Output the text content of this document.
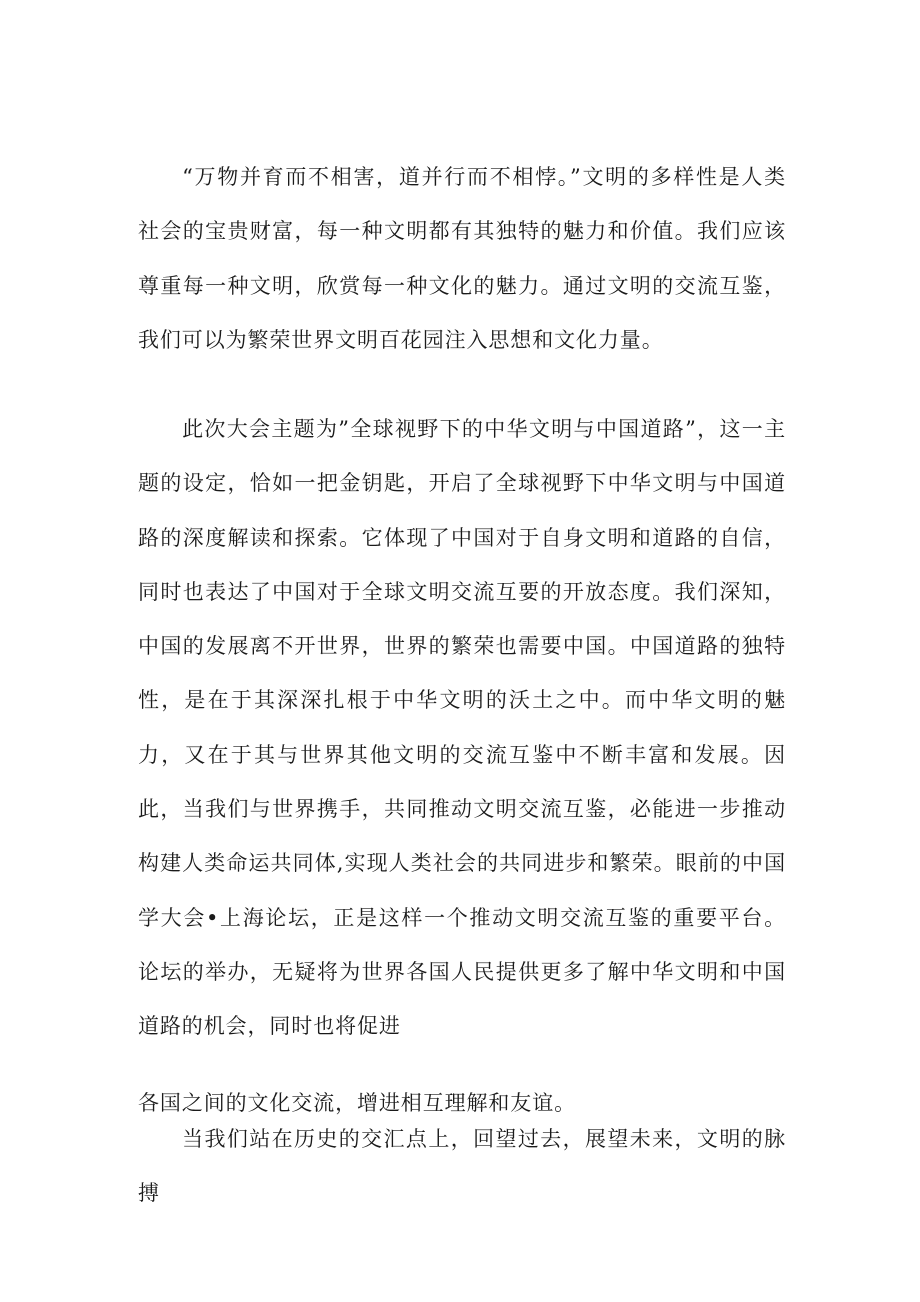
“万物并育而不相害，道并行而不相悖。”文明的多样性是人类社会的宝贵财富，每一种文明都有其独特的魅力和价值。我们应该尊重每一种文明，欣赏每一种文化的魅力。通过文明的交流互鉴，我们可以为繁荣世界文明百花园注入思想和文化力量。

此次大会主题为”全球视野下的中华文明与中国道路”，这一主题的设定，恰如一把金钥匙，开启了全球视野下中华文明与中国道路的深度解读和探索。它体现了中国对于自身文明和道路的自信，同时也表达了中国对于全球文明交流互要的开放态度。我们深知，中国的发展离不开世界，世界的繁荣也需要中国。中国道路的独特性，是在于其深深扎根于中华文明的沃土之中。而中华文明的魅力，又在于其与世界其他文明的交流互鉴中不断丰富和发展。因此，当我们与世界携手，共同推动文明交流互鉴，必能进一步推动构建人类命运共同体,实现人类社会的共同进步和繁荣。眼前的中国学大会•上海论坛，正是这样一个推动文明交流互鉴的重要平台。论坛的举办，无疑将为世界各国人民提供更多了解中华文明和中国道路的机会，同时也将促进

各国之间的文化交流，增进相互理解和友谊。

当我们站在历史的交汇点上，回望过去，展望未来，文明的脉搏
